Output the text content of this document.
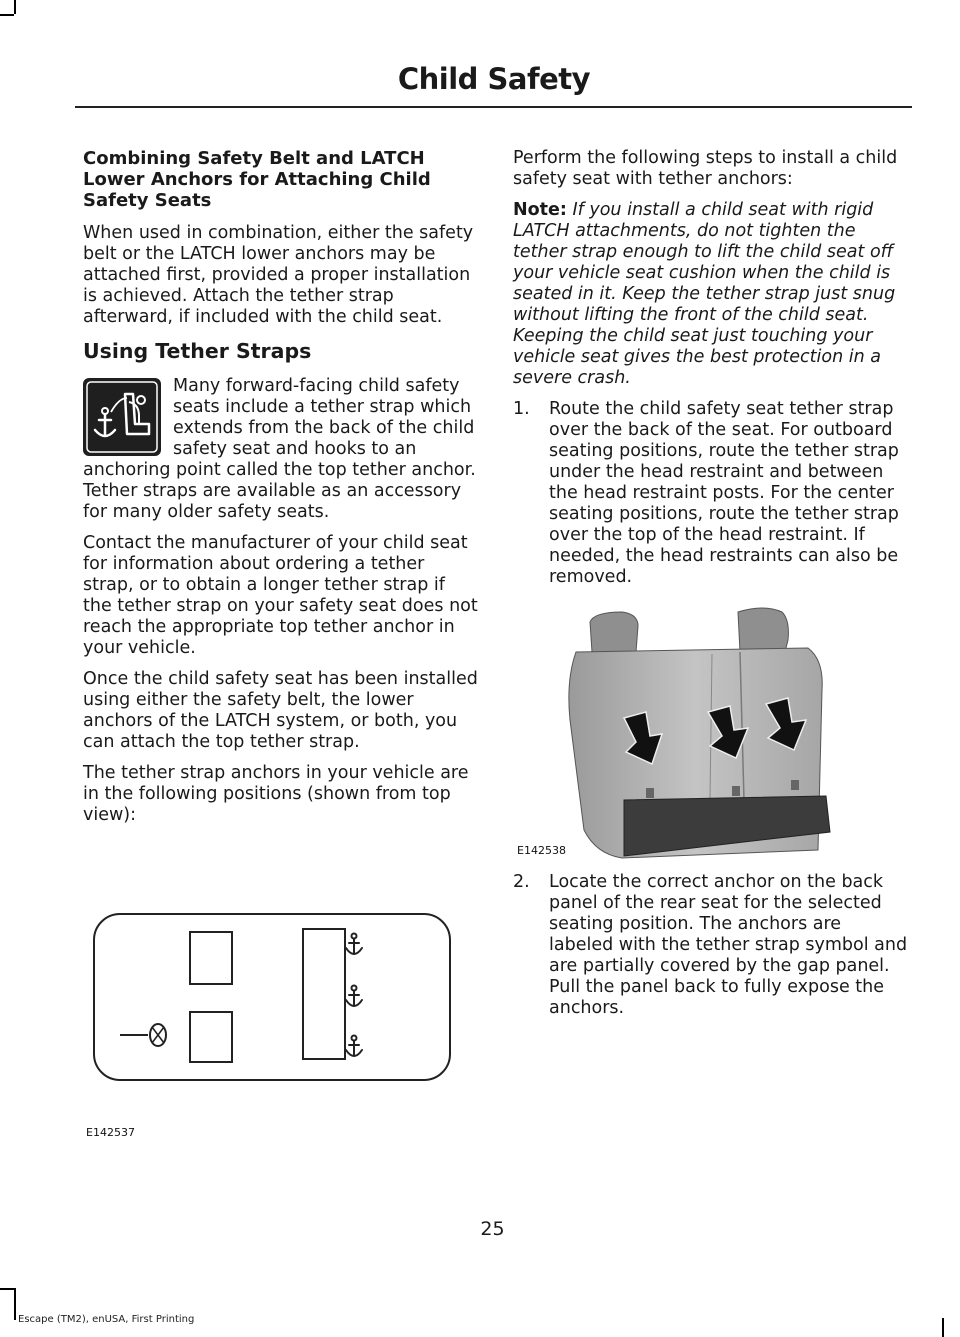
Child Safety
Combining Safety Belt and LATCH Lower Anchors for Attaching Child Safety Seats

When used in combination, either the safety belt or the LATCH lower anchors may be attached first, provided a proper installation is achieved. Attach the tether strap afterward, if included with the child seat.

Using Tether Straps
Many forward-facing child safety seats include a tether strap which extends from the back of the child safety seat and hooks to an anchoring point called the top tether anchor. Tether straps are available as an accessory for many older safety seats.

Contact the manufacturer of your child seat for information about ordering a tether strap, or to obtain a longer tether strap if the tether strap on your safety seat does not reach the appropriate top tether anchor in your vehicle.

Once the child safety seat has been installed using either the safety belt, the lower anchors of the LATCH system, or both, you can attach the top tether strap.

The tether strap anchors in your vehicle are in the following positions (shown from top view):

E142537

Perform the following steps to install a child safety seat with tether anchors:

Note: If you install a child seat with rigid LATCH attachments, do not tighten the tether strap enough to lift the child seat off your vehicle seat cushion when the child is seated in it. Keep the tether strap just snug without lifting the front of the child seat. Keeping the child seat just touching your vehicle seat gives the best protection in a severe crash.

1. Route the child safety seat tether strap over the back of the seat. For outboard seating positions, route the tether strap under the head restraint and between the head restraint posts. For the center seating positions, route the tether strap over the top of the head restraint. If needed, the head restraints can also be removed.
E142538
2. Locate the correct anchor on the back panel of the rear seat for the selected seating position. The anchors are labeled with the tether strap symbol and are partially covered by the gap panel. Pull the panel back to fully expose the anchors.
25
Escape (TM2), enUSA, First Printing
